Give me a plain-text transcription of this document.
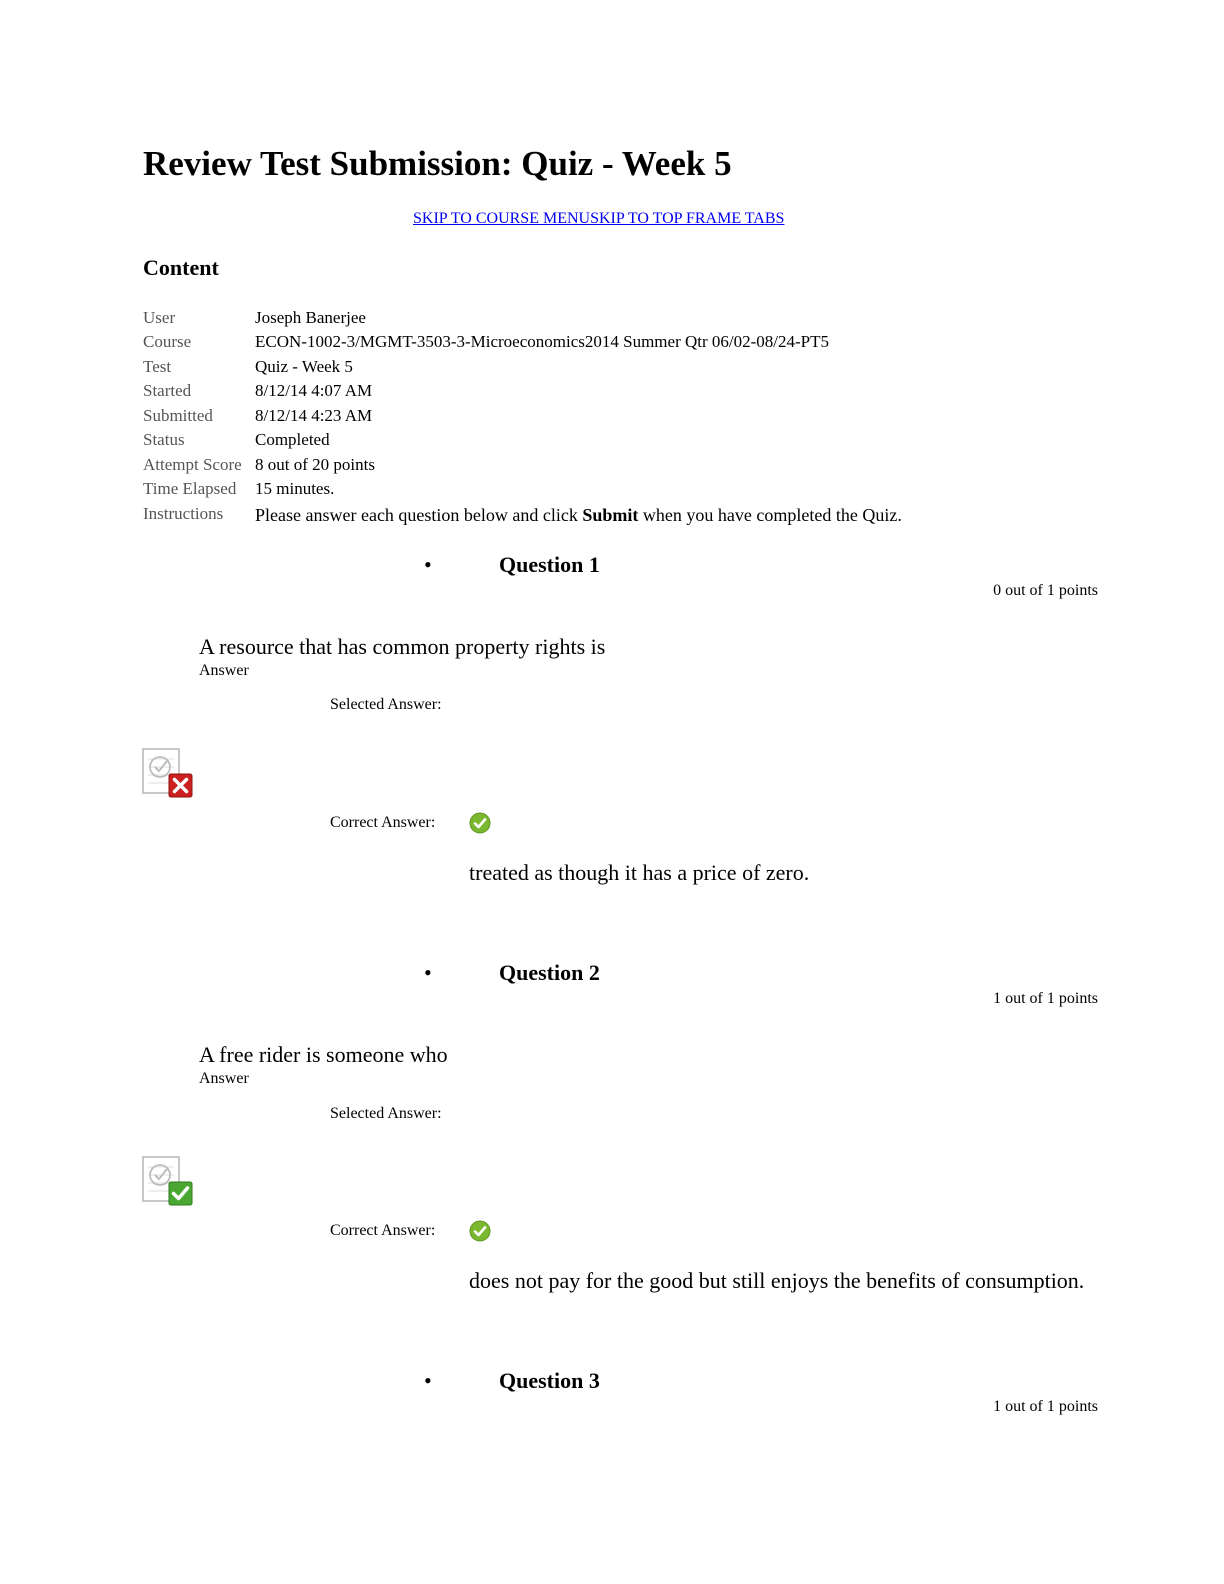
Review Test Submission: Quiz - Week 5
SKIP TO COURSE MENUSKIP TO TOP FRAME TABS
Content
User	Joseph Banerjee
Course	ECON-1002-3/MGMT-3503-3-Microeconomics2014 Summer Qtr 06/02-08/24-PT5
Test	Quiz - Week 5
Started	8/12/14 4:07 AM
Submitted 8/12/14 4:23 AM
Status	Completed
Attempt Score 8 out of 20 points
Time Elapsed 15 minutes.
Instructions Please answer each question below and click Submit when you have completed the Quiz.
•	Question 1
0 out of 1 points
A resource that has common property rights is
Answer
Selected Answer:
Correct Answer:
treated as though it has a price of zero.
•	Question 2
1 out of 1 points
A free rider is someone who
Answer
Selected Answer:
Correct Answer:
does not pay for the good but still enjoys the benefits of consumption.
•	Question 3
1 out of 1 points
